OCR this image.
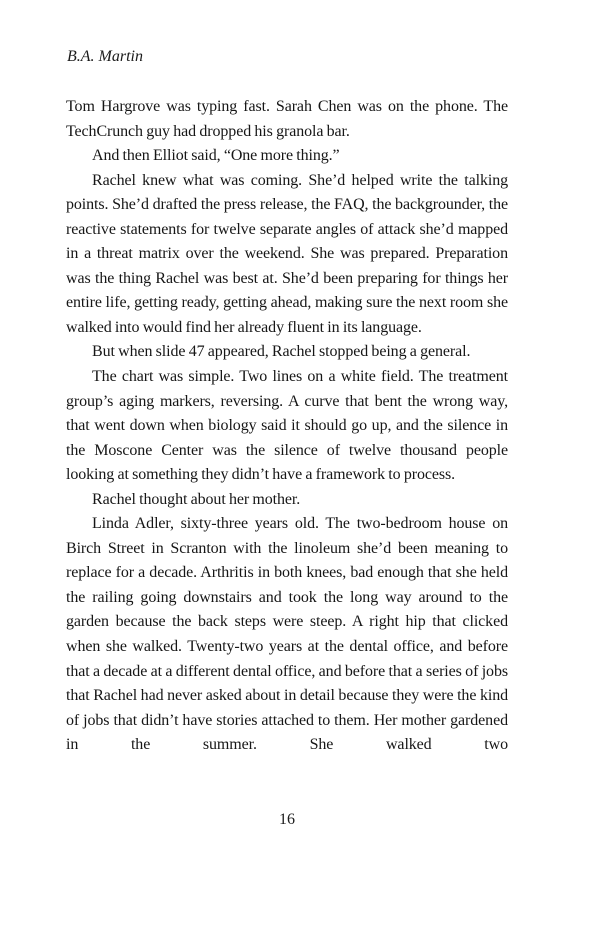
B.A. Martin

Tom Hargrove was typing fast. Sarah Chen was on the phone. The TechCrunch guy had dropped his granola bar.

And then Elliot said, “One more thing.”

Rachel knew what was coming. She’d helped write the talking points. She’d drafted the press release, the FAQ, the backgrounder, the reactive statements for twelve separate angles of attack she’d mapped in a threat matrix over the weekend. She was prepared. Preparation was the thing Rachel was best at. She’d been preparing for things her entire life, getting ready, getting ahead, making sure the next room she walked into would find her already fluent in its language.

But when slide 47 appeared, Rachel stopped being a general.

The chart was simple. Two lines on a white field. The treatment group’s aging markers, reversing. A curve that bent the wrong way, that went down when biology said it should go up, and the silence in the Moscone Center was the silence of twelve thousand people looking at something they didn’t have a framework to process.

Rachel thought about her mother.

Linda Adler, sixty-three years old. The two-bedroom house on Birch Street in Scranton with the linoleum she’d been meaning to replace for a decade. Arthritis in both knees, bad enough that she held the railing going downstairs and took the long way around to the garden because the back steps were steep. A right hip that clicked when she walked. Twenty-two years at the dental office, and before that a decade at a different dental office, and before that a series of jobs that Rachel had never asked about in detail because they were the kind of jobs that didn’t have stories attached to them. Her mother gardened in the summer. She walked two

16
